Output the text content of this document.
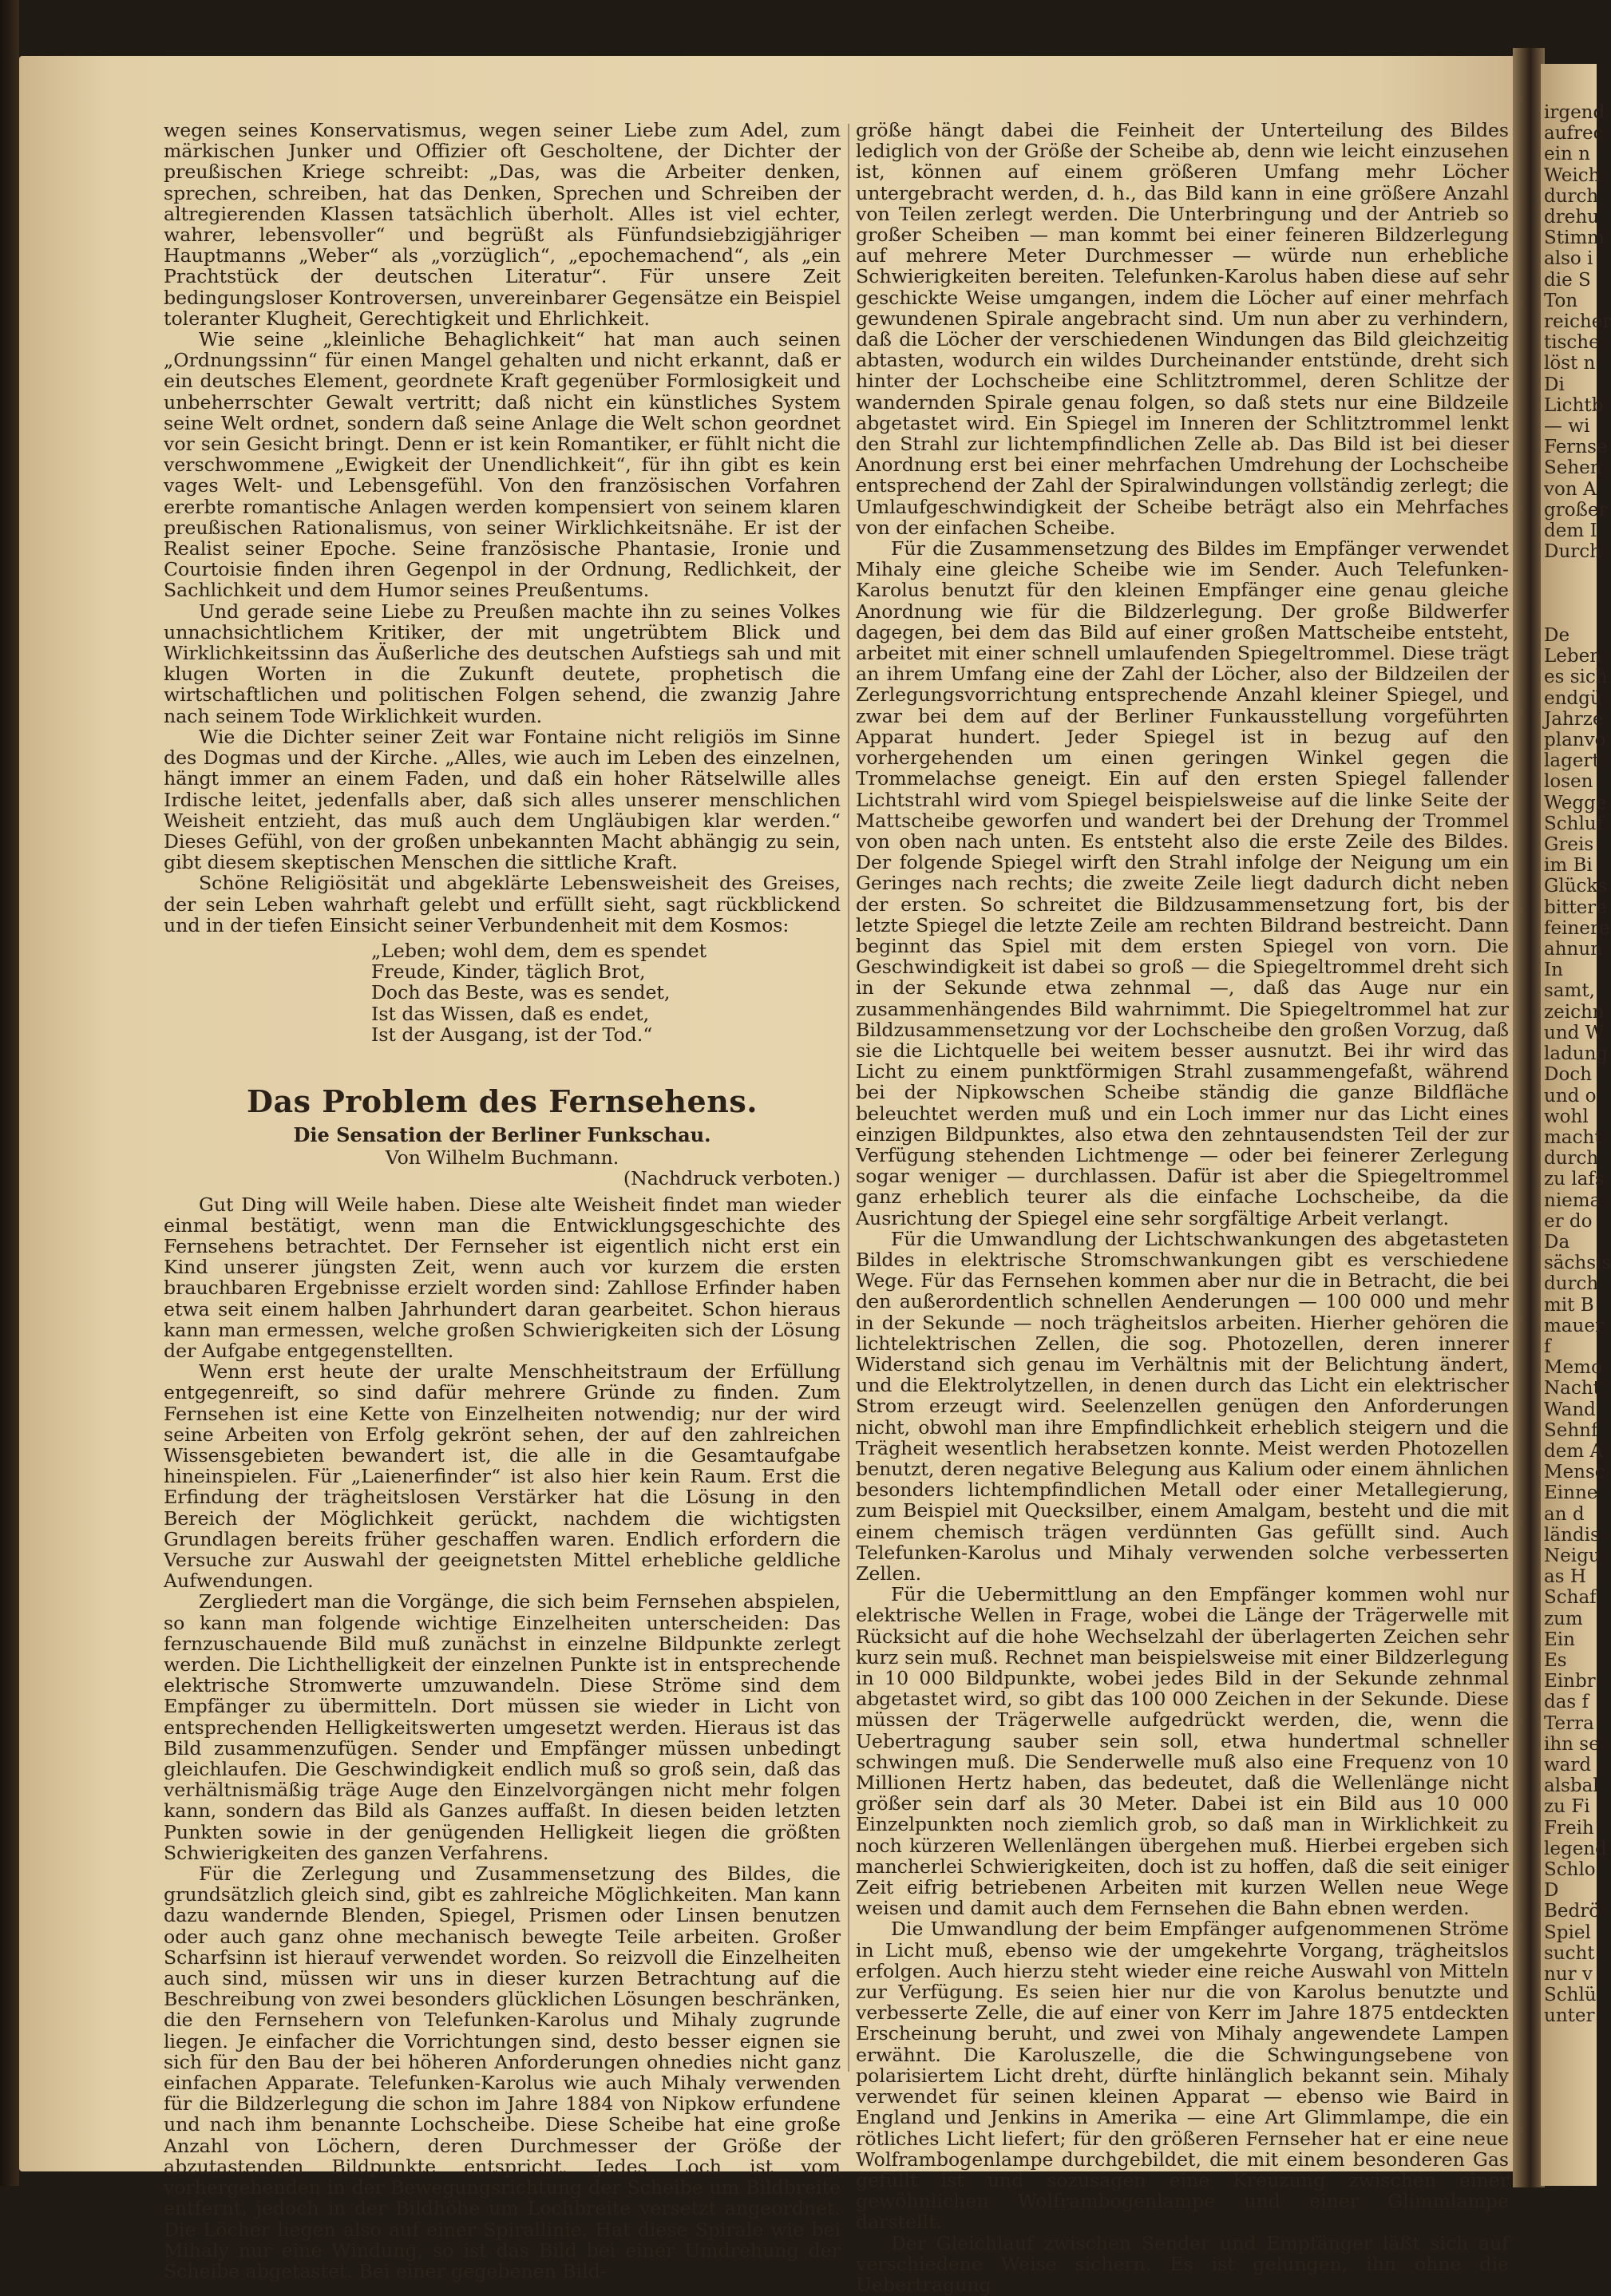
irgend
aufrec
ein n
Weich
durch
drehu
Stimm
also i
die S
Ton
reicher
tische
löst n
Di
Lichtb
— wi
Fernse
Sehen
von A
großer
dem I
Durch
De
Leben
es sich
endgü
Jahrze
planvo
lagert
losen
Wegge
Schluf
Greis
im Bi
Glücks
bittere
feinere
ahnun
In
samt,
zeichn
und W
ladung
Doch
und o
wohl
macht
durch
zu lafs
niema
er do
Da
sächsis
durch
mit B
mauer
f
Memo
Nacht
Wand
Sehnf
dem A
Mensc
Einne
an d
ländis
Neigu
as H
Schaf
zum
Ein
Es
Einbr
das f
Terra
ihn se
ward
alsbal
zu Fi
Freih
legend
Schlo
D
Bedrö
Spiel
sucht
nur v
Schlü
unter

wegen seines Konservatismus, wegen seiner Liebe zum Adel, zum märkischen Junker und Offizier oft Gescholtene, der Dichter der preußischen Kriege schreibt: „Das, was die Arbeiter denken, sprechen, schreiben, hat das Denken, Sprechen und Schreiben der altregierenden Klassen tatsächlich überholt. Alles ist viel echter, wahrer, lebensvoller“ und begrüßt als Fünfundsiebzigjähriger Hauptmanns „Weber“ als „vorzüglich“, „epochemachend“, als „ein Prachtstück der deutschen Literatur“. Für unsere Zeit bedingungsloser Kontroversen, unvereinbarer Gegensätze ein Beispiel toleranter Klugheit, Gerechtigkeit und Ehrlichkeit.

Wie seine „kleinliche Behaglichkeit“ hat man auch seinen „Ordnungssinn“ für einen Mangel gehalten und nicht erkannt, daß er ein deutsches Element, geordnete Kraft gegenüber Formlosigkeit und unbeherrschter Gewalt vertritt; daß nicht ein künstliches System seine Welt ordnet, sondern daß seine Anlage die Welt schon geordnet vor sein Gesicht bringt. Denn er ist kein Romantiker, er fühlt nicht die verschwommene „Ewigkeit der Unendlichkeit“, für ihn gibt es kein vages Welt- und Lebensgefühl. Von den französischen Vorfahren ererbte romantische Anlagen werden kompensiert von seinem klaren preußischen Rationalismus, von seiner Wirklichkeitsnähe. Er ist der Realist seiner Epoche. Seine französische Phantasie, Ironie und Courtoisie finden ihren Gegenpol in der Ordnung, Redlichkeit, der Sachlichkeit und dem Humor seines Preußentums.

Und gerade seine Liebe zu Preußen machte ihn zu seines Volkes unnachsichtlichem Kritiker, der mit ungetrübtem Blick und Wirklichkeitssinn das Äußerliche des deutschen Aufstiegs sah und mit klugen Worten in die Zukunft deutete, prophetisch die wirtschaftlichen und politischen Folgen sehend, die zwanzig Jahre nach seinem Tode Wirklichkeit wurden.

Wie die Dichter seiner Zeit war Fontaine nicht religiös im Sinne des Dogmas und der Kirche. „Alles, wie auch im Leben des einzelnen, hängt immer an einem Faden, und daß ein hoher Rätselwille alles Irdische leitet, jedenfalls aber, daß sich alles unserer menschlichen Weisheit entzieht, das muß auch dem Ungläubigen klar werden.“ Dieses Gefühl, von der großen unbekannten Macht abhängig zu sein, gibt diesem skeptischen Menschen die sittliche Kraft.

Schöne Religiösität und abgeklärte Lebensweisheit des Greises, der sein Leben wahrhaft gelebt und erfüllt sieht, sagt rückblickend und in der tiefen Einsicht seiner Verbundenheit mit dem Kosmos:

„Leben; wohl dem, dem es spendet
Freude, Kinder, täglich Brot,
Doch das Beste, was es sendet,
Ist das Wissen, daß es endet,
Ist der Ausgang, ist der Tod.“
Das Problem des Fernsehens.
Die Sensation der Berliner Funkschau.
Von Wilhelm Buchmann.
(Nachdruck verboten.)

Gut Ding will Weile haben. Diese alte Weisheit findet man wieder einmal bestätigt, wenn man die Entwicklungsgeschichte des Fernsehens betrachtet. Der Fernseher ist eigentlich nicht erst ein Kind unserer jüngsten Zeit, wenn auch vor kurzem die ersten brauchbaren Ergebnisse erzielt worden sind: Zahllose Erfinder haben etwa seit einem halben Jahrhundert daran gearbeitet. Schon hieraus kann man ermessen, welche großen Schwierigkeiten sich der Lösung der Aufgabe entgegenstellten.

Wenn erst heute der uralte Menschheitstraum der Erfüllung entgegenreift, so sind dafür mehrere Gründe zu finden. Zum Fernsehen ist eine Kette von Einzelheiten notwendig; nur der wird seine Arbeiten von Erfolg gekrönt sehen, der auf den zahlreichen Wissensgebieten bewandert ist, die alle in die Gesamtaufgabe hineinspielen. Für „Laienerfinder“ ist also hier kein Raum. Erst die Erfindung der trägheitslosen Verstärker hat die Lösung in den Bereich der Möglichkeit gerückt, nachdem die wichtigsten Grundlagen bereits früher geschaffen waren. Endlich erfordern die Versuche zur Auswahl der geeignetsten Mittel erhebliche geldliche Aufwendungen.

Zergliedert man die Vorgänge, die sich beim Fernsehen abspielen, so kann man folgende wichtige Einzelheiten unterscheiden: Das fernzuschauende Bild muß zunächst in einzelne Bildpunkte zerlegt werden. Die Lichthelligkeit der einzelnen Punkte ist in entsprechende elektrische Stromwerte umzuwandeln. Diese Ströme sind dem Empfänger zu übermitteln. Dort müssen sie wieder in Licht von entsprechenden Helligkeitswerten umgesetzt werden. Hieraus ist das Bild zusammenzufügen. Sender und Empfänger müssen unbedingt gleichlaufen. Die Geschwindigkeit endlich muß so groß sein, daß das verhältnismäßig träge Auge den Einzelvorgängen nicht mehr folgen kann, sondern das Bild als Ganzes auffaßt. In diesen beiden letzten Punkten sowie in der genügenden Helligkeit liegen die größten Schwierigkeiten des ganzen Verfahrens.

Für die Zerlegung und Zusammensetzung des Bildes, die grundsätzlich gleich sind, gibt es zahlreiche Möglichkeiten. Man kann dazu wandernde Blenden, Spiegel, Prismen oder Linsen benutzen oder auch ganz ohne mechanisch bewegte Teile arbeiten. Großer Scharfsinn ist hierauf verwendet worden. So reizvoll die Einzelheiten auch sind, müssen wir uns in dieser kurzen Betrachtung auf die Beschreibung von zwei besonders glücklichen Lösungen beschränken, die den Fernsehern von Telefunken-Karolus und Mihaly zugrunde liegen. Je einfacher die Vorrichtungen sind, desto besser eignen sie sich für den Bau der bei höheren Anforderungen ohnedies nicht ganz einfachen Apparate. Telefunken-Karolus wie auch Mihaly verwenden für die Bildzerlegung die schon im Jahre 1884 von Nipkow erfundene und nach ihm benannte Lochscheibe. Diese Scheibe hat eine große Anzahl von Löchern, deren Durchmesser der Größe der abzutastenden Bildpunkte entspricht. Jedes Loch ist vom vorhergehenden in der Bewegungsrichtung der Scheibe um Bildbreite entfernt, jedoch in der Bildhöhe um Lochbreite versetzt angeordnet. Die Löcher liegen also auf einer Spirallinie. Hat diese Spirale wie bei Mihaly nur eine Windung, so ist das Bild bei einer Umdrehung der Scheibe abgetastet. Bei einer gegebenen Bild-

größe hängt dabei die Feinheit der Unterteilung des Bildes lediglich von der Größe der Scheibe ab, denn wie leicht einzusehen ist, können auf einem größeren Umfang mehr Löcher untergebracht werden, d. h., das Bild kann in eine größere Anzahl von Teilen zerlegt werden. Die Unterbringung und der Antrieb so großer Scheiben — man kommt bei einer feineren Bildzerlegung auf mehrere Meter Durchmesser — würde nun erhebliche Schwierigkeiten bereiten. Telefunken-Karolus haben diese auf sehr geschickte Weise umgangen, indem die Löcher auf einer mehrfach gewundenen Spirale angebracht sind. Um nun aber zu verhindern, daß die Löcher der verschiedenen Windungen das Bild gleichzeitig abtasten, wodurch ein wildes Durcheinander entstünde, dreht sich hinter der Lochscheibe eine Schlitztrommel, deren Schlitze der wandernden Spirale genau folgen, so daß stets nur eine Bildzeile abgetastet wird. Ein Spiegel im Inneren der Schlitztrommel lenkt den Strahl zur lichtempfindlichen Zelle ab. Das Bild ist bei dieser Anordnung erst bei einer mehrfachen Umdrehung der Lochscheibe entsprechend der Zahl der Spiralwindungen vollständig zerlegt; die Umlaufgeschwindigkeit der Scheibe beträgt also ein Mehrfaches von der einfachen Scheibe.

Für die Zusammensetzung des Bildes im Empfänger verwendet Mihaly eine gleiche Scheibe wie im Sender. Auch Telefunken-Karolus benutzt für den kleinen Empfänger eine genau gleiche Anordnung wie für die Bildzerlegung. Der große Bildwerfer dagegen, bei dem das Bild auf einer großen Mattscheibe entsteht, arbeitet mit einer schnell umlaufenden Spiegeltrommel. Diese trägt an ihrem Umfang eine der Zahl der Löcher, also der Bildzeilen der Zerlegungsvorrichtung entsprechende Anzahl kleiner Spiegel, und zwar bei dem auf der Berliner Funkausstellung vorgeführten Apparat hundert. Jeder Spiegel ist in bezug auf den vorhergehenden um einen geringen Winkel gegen die Trommelachse geneigt. Ein auf den ersten Spiegel fallender Lichtstrahl wird vom Spiegel beispielsweise auf die linke Seite der Mattscheibe geworfen und wandert bei der Drehung der Trommel von oben nach unten. Es entsteht also die erste Zeile des Bildes. Der folgende Spiegel wirft den Strahl infolge der Neigung um ein Geringes nach rechts; die zweite Zeile liegt dadurch dicht neben der ersten. So schreitet die Bildzusammensetzung fort, bis der letzte Spiegel die letzte Zeile am rechten Bildrand bestreicht. Dann beginnt das Spiel mit dem ersten Spiegel von vorn. Die Geschwindigkeit ist dabei so groß — die Spiegeltrommel dreht sich in der Sekunde etwa zehnmal —, daß das Auge nur ein zusammenhängendes Bild wahrnimmt. Die Spiegeltrommel hat zur Bildzusammensetzung vor der Lochscheibe den großen Vorzug, daß sie die Lichtquelle bei weitem besser ausnutzt. Bei ihr wird das Licht zu einem punktförmigen Strahl zusammengefaßt, während bei der Nipkowschen Scheibe ständig die ganze Bildfläche beleuchtet werden muß und ein Loch immer nur das Licht eines einzigen Bildpunktes, also etwa den zehntausendsten Teil der zur Verfügung stehenden Lichtmenge — oder bei feinerer Zerlegung sogar weniger — durchlassen. Dafür ist aber die Spiegeltrommel ganz erheblich teurer als die einfache Lochscheibe, da die Ausrichtung der Spiegel eine sehr sorgfältige Arbeit verlangt.

Für die Umwandlung der Lichtschwankungen des abgetasteten Bildes in elektrische Stromschwankungen gibt es verschiedene Wege. Für das Fernsehen kommen aber nur die in Betracht, die bei den außerordentlich schnellen Aenderungen — 100 000 und mehr in der Sekunde — noch trägheitslos arbeiten. Hierher gehören die lichtelektrischen Zellen, die sog. Photozellen, deren innerer Widerstand sich genau im Verhältnis mit der Belichtung ändert, und die Elektrolytzellen, in denen durch das Licht ein elektrischer Strom erzeugt wird. Seelenzellen genügen den Anforderungen nicht, obwohl man ihre Empfindlichkeit erheblich steigern und die Trägheit wesentlich herabsetzen konnte. Meist werden Photozellen benutzt, deren negative Belegung aus Kalium oder einem ähnlichen besonders lichtempfindlichen Metall oder einer Metallegierung, zum Beispiel mit Quecksilber, einem Amalgam, besteht und die mit einem chemisch trägen verdünnten Gas gefüllt sind. Auch Telefunken-Karolus und Mihaly verwenden solche verbesserten Zellen.

Für die Uebermittlung an den Empfänger kommen wohl nur elektrische Wellen in Frage, wobei die Länge der Trägerwelle mit Rücksicht auf die hohe Wechselzahl der überlagerten Zeichen sehr kurz sein muß. Rechnet man beispielsweise mit einer Bildzerlegung in 10 000 Bildpunkte, wobei jedes Bild in der Sekunde zehnmal abgetastet wird, so gibt das 100 000 Zeichen in der Sekunde. Diese müssen der Trägerwelle aufgedrückt werden, die, wenn die Uebertragung sauber sein soll, etwa hundertmal schneller schwingen muß. Die Senderwelle muß also eine Frequenz von 10 Millionen Hertz haben, das bedeutet, daß die Wellenlänge nicht größer sein darf als 30 Meter. Dabei ist ein Bild aus 10 000 Einzelpunkten noch ziemlich grob, so daß man in Wirklichkeit zu noch kürzeren Wellenlängen übergehen muß. Hierbei ergeben sich mancherlei Schwierigkeiten, doch ist zu hoffen, daß die seit einiger Zeit eifrig betriebenen Arbeiten mit kurzen Wellen neue Wege weisen und damit auch dem Fernsehen die Bahn ebnen werden.

Die Umwandlung der beim Empfänger aufgenommenen Ströme in Licht muß, ebenso wie der umgekehrte Vorgang, trägheitslos erfolgen. Auch hierzu steht wieder eine reiche Auswahl von Mitteln zur Verfügung. Es seien hier nur die von Karolus benutzte und verbesserte Zelle, die auf einer von Kerr im Jahre 1875 entdeckten Erscheinung beruht, und zwei von Mihaly angewendete Lampen erwähnt. Die Karoluszelle, die die Schwingungsebene von polarisiertem Licht dreht, dürfte hinlänglich bekannt sein. Mihaly verwendet für seinen kleinen Apparat — ebenso wie Baird in England und Jenkins in Amerika — eine Art Glimmlampe, die ein rötliches Licht liefert; für den größeren Fernseher hat er eine neue Wolframbogenlampe durchgebildet, die mit einem besonderen Gas gefüllt ist und sozusagen eine Kreuzung zwischen einer gewöhnlichen Wolframbogenlampe und einer Glimmlampe darstellt.

Der Gleichlauf zwischen Sender und Empfänger läßt sich auf verschiedene Weise sichern. Es ist gelungen, ihn ohne die Uebertragung
